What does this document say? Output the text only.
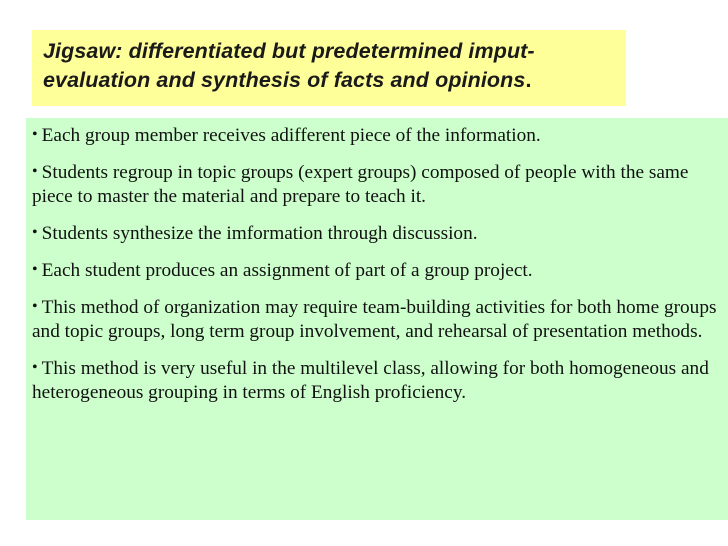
Jigsaw: differentiated but predetermined imput-evaluation and synthesis of facts and opinions.

• Each group member receives adifferent piece of the information.

• Students regroup in topic groups (expert groups) composed of people with the same piece to master the material and prepare to teach it.

• Students synthesize the imformation through discussion.

• Each student produces an assignment of part of a group project.

• This method of organization may require team-building activities for both home groups and topic groups, long term group involvement, and rehearsal of presentation methods.

• This method is very useful in the multilevel class, allowing for both homogeneous and heterogeneous grouping in terms of English proficiency.
